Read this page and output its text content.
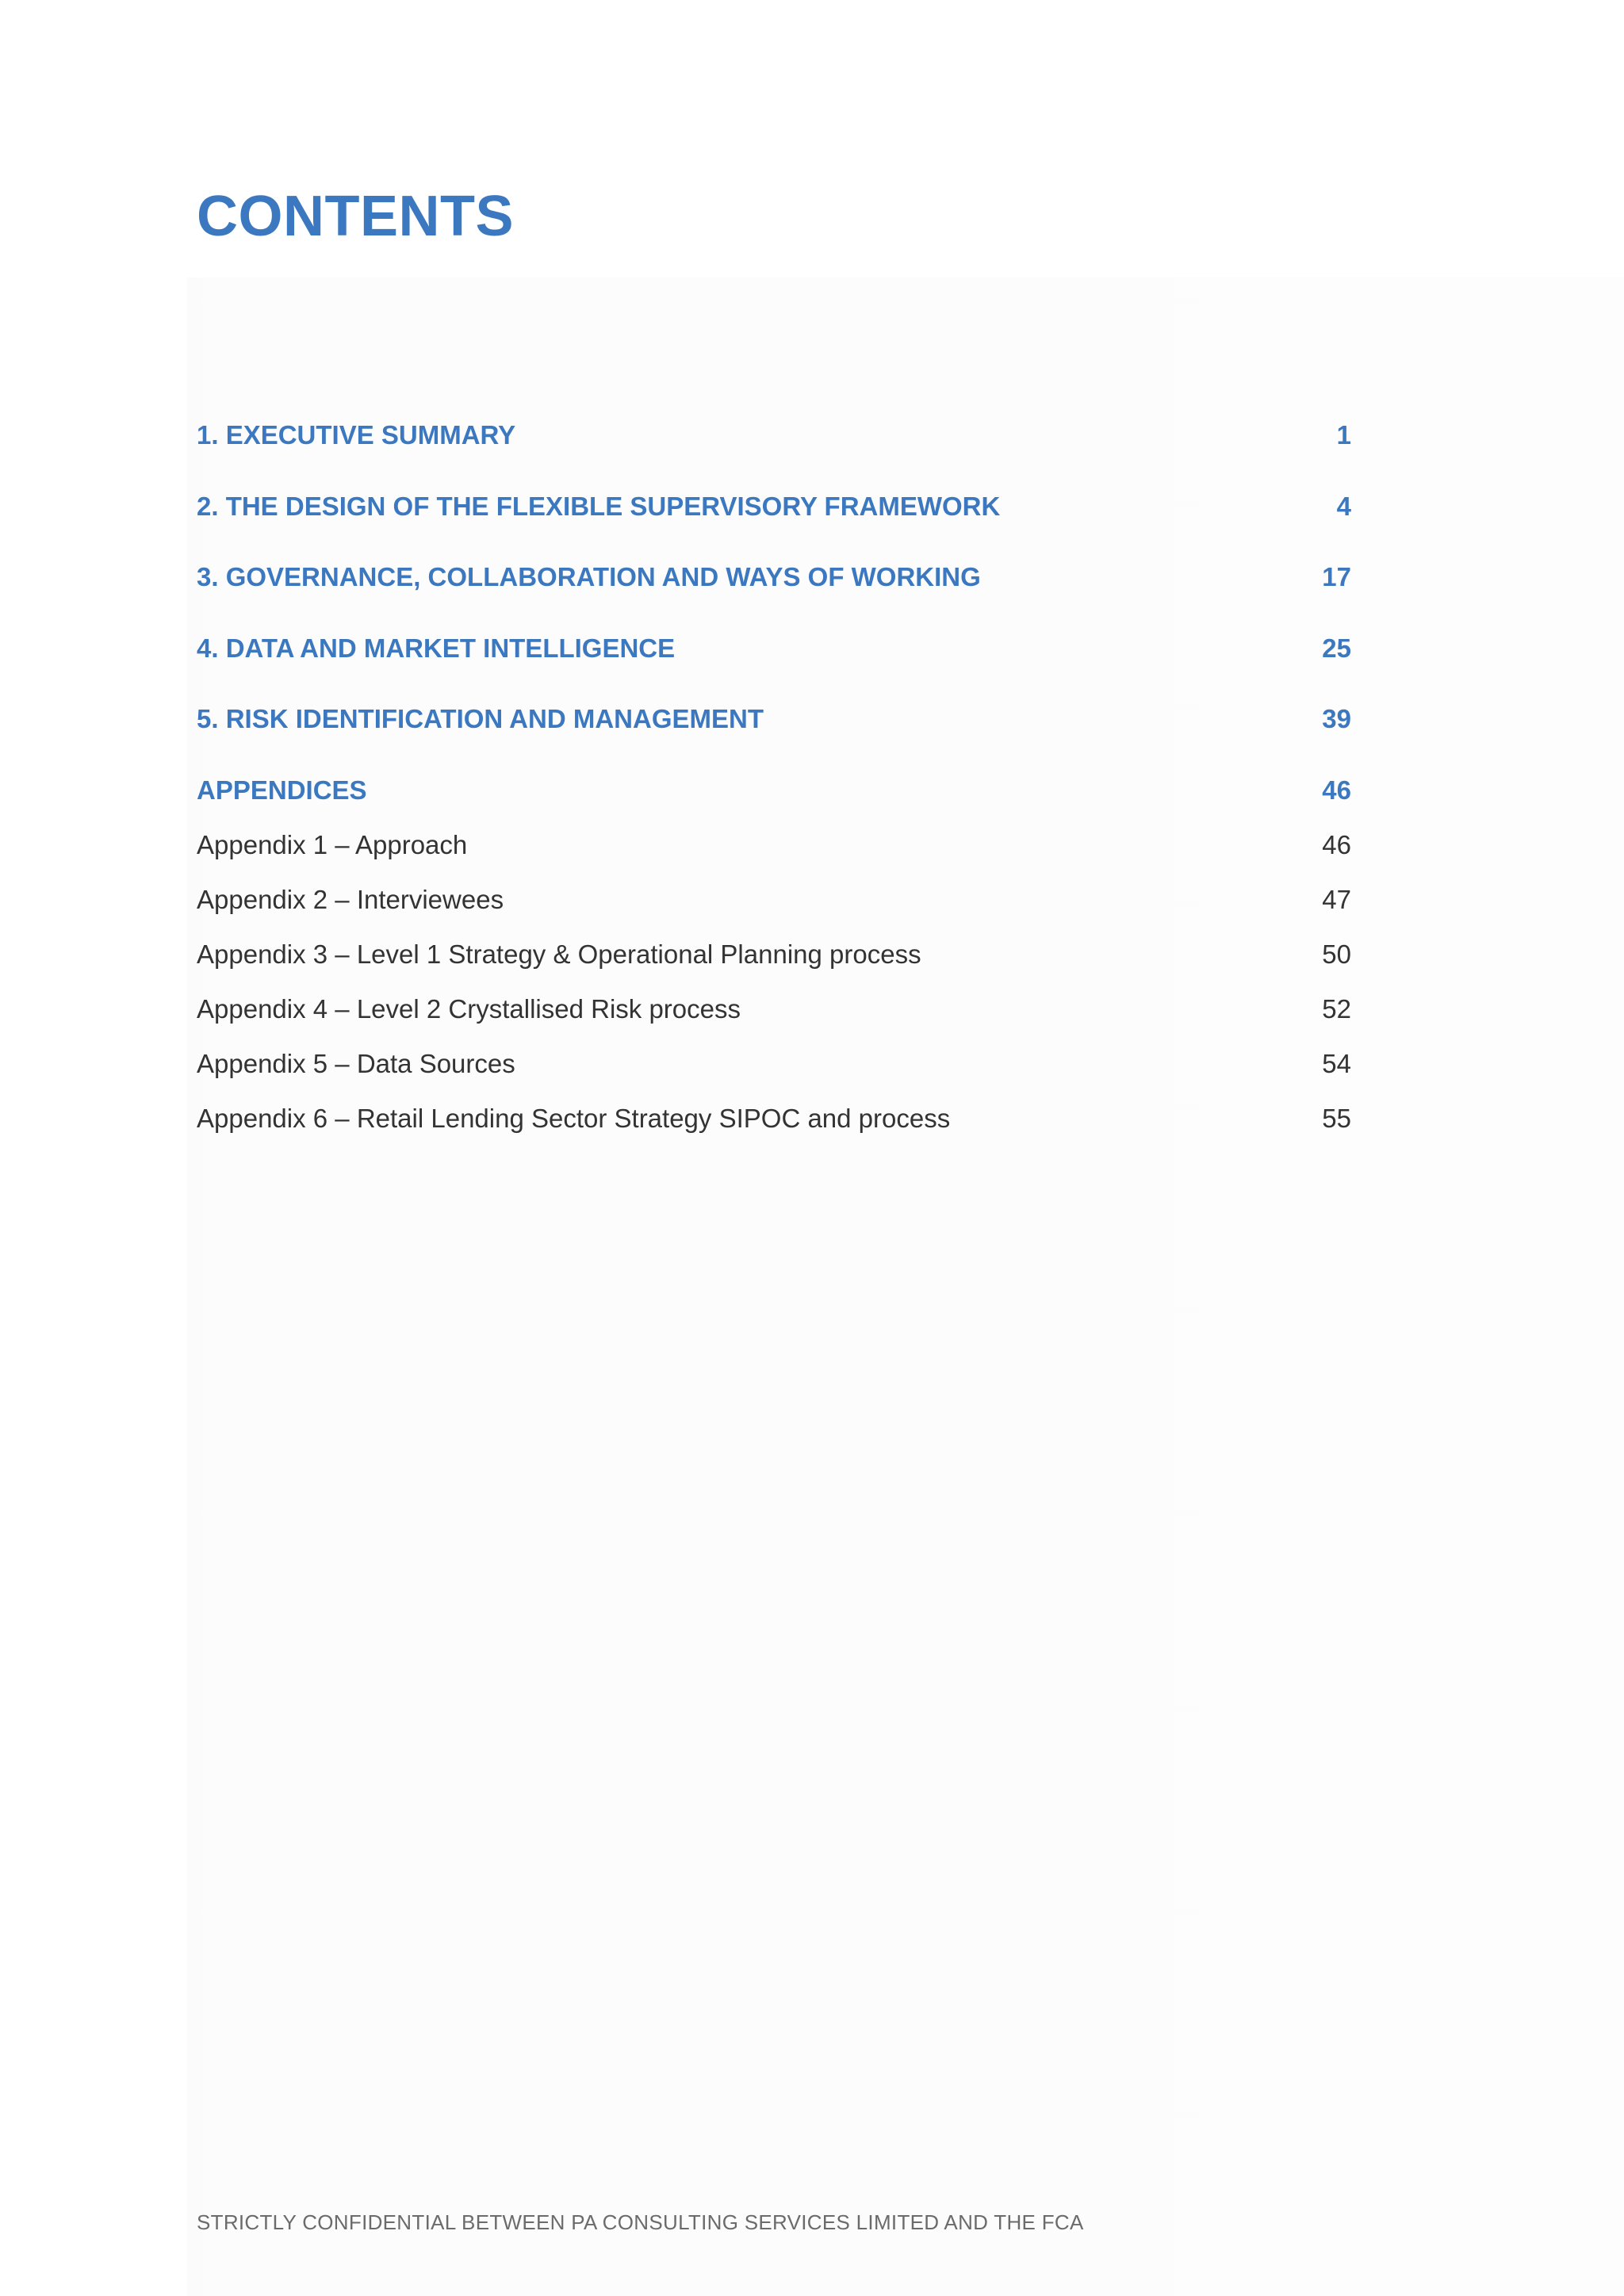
CONTENTS
1. EXECUTIVE SUMMARY	1
2. THE DESIGN OF THE FLEXIBLE SUPERVISORY FRAMEWORK	4
3. GOVERNANCE, COLLABORATION AND WAYS OF WORKING	17
4. DATA AND MARKET INTELLIGENCE	25
5. RISK IDENTIFICATION AND MANAGEMENT	39
APPENDICES	46
Appendix 1 – Approach	46
Appendix 2 – Interviewees	47
Appendix 3 – Level 1 Strategy & Operational Planning process	50
Appendix 4 – Level 2 Crystallised Risk process	52
Appendix 5 – Data Sources	54
Appendix 6 – Retail Lending Sector Strategy SIPOC and process	55
STRICTLY CONFIDENTIAL BETWEEN PA CONSULTING SERVICES LIMITED AND THE FCA
